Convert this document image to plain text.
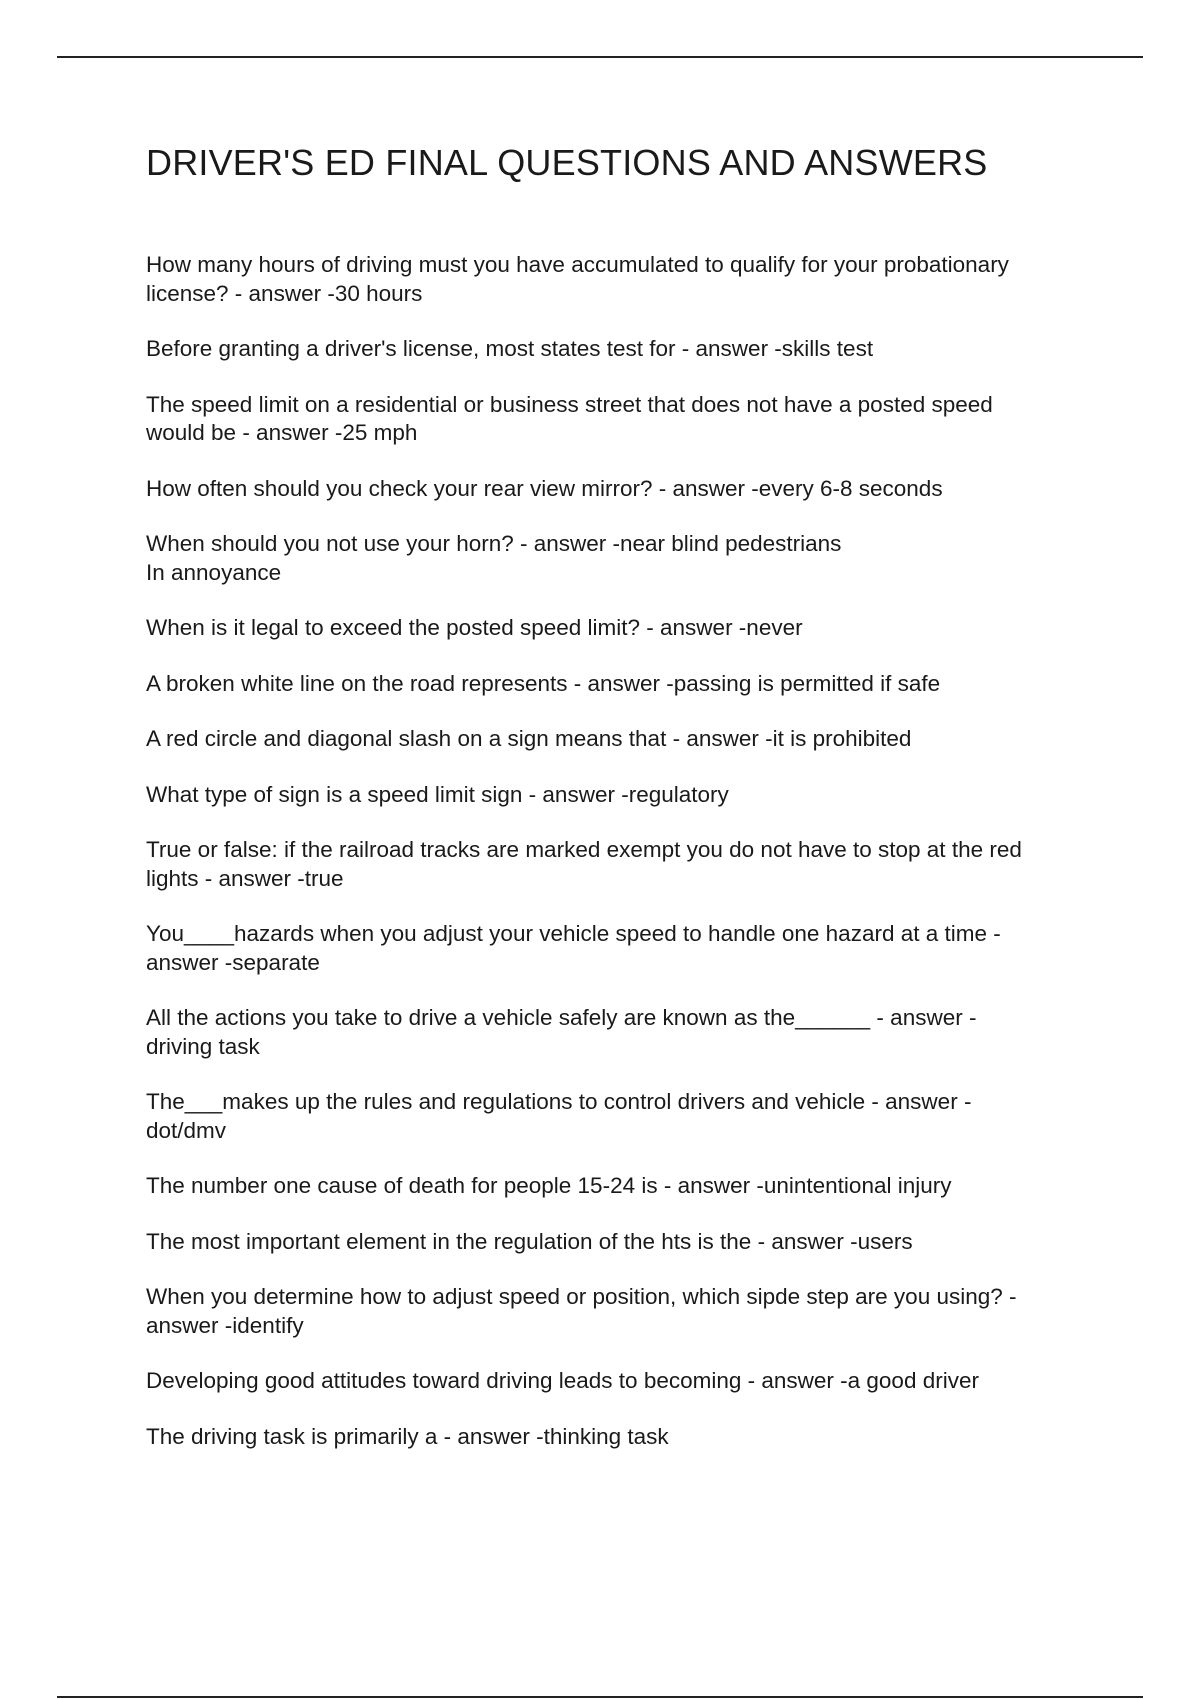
DRIVER'S ED FINAL QUESTIONS AND ANSWERS
How many hours of driving must you have accumulated to qualify for your probationary
license? - answer -30 hours
Before granting a driver's license, most states test for - answer -skills test
The speed limit on a residential or business street that does not have a posted speed
would be - answer -25 mph
How often should you check your rear view mirror? - answer -every 6-8 seconds
When should you not use your horn? - answer -near blind pedestrians
In annoyance
When is it legal to exceed the posted speed limit? - answer -never
A broken white line on the road represents - answer -passing is permitted if safe
A red circle and diagonal slash on a sign means that - answer -it is prohibited
What type of sign is a speed limit sign - answer -regulatory
True or false: if the railroad tracks are marked exempt you do not have to stop at the red
lights - answer -true
You____hazards when you adjust your vehicle speed to handle one hazard at a time -
answer -separate
All the actions you take to drive a vehicle safely are known as the______ - answer -
driving task
The___makes up the rules and regulations to control drivers and vehicle - answer -
dot/dmv
The number one cause of death for people 15-24 is - answer -unintentional injury
The most important element in the regulation of the hts is the - answer -users
When you determine how to adjust speed or position, which sipde step are you using? -
answer -identify
Developing good attitudes toward driving leads to becoming - answer -a good driver
The driving task is primarily a - answer -thinking task
